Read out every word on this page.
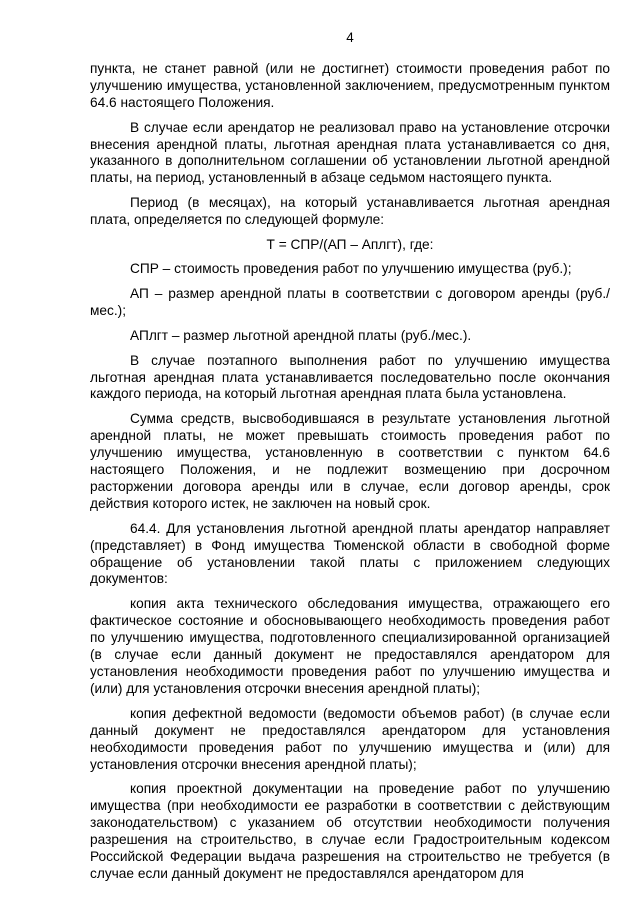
4

пункта, не станет равной (или не достигнет) стоимости проведения работ по улучшению имущества, установленной заключением, предусмотренным пунктом 64.6 настоящего Положения.

В случае если арендатор не реализовал право на установление отсрочки внесения арендной платы, льготная арендная плата устанавливается со дня, указанного в дополнительном соглашении об установлении льготной арендной платы, на период, установленный в абзаце седьмом настоящего пункта.

Период (в месяцах), на который устанавливается льготная арендная плата, определяется по следующей формуле:

Т = СПР/(АП – Аплгт), где:

СПР – стоимость проведения работ по улучшению имущества (руб.);

АП – размер арендной платы в соответствии с договором аренды (руб./мес.);

АПлгт – размер льготной арендной платы (руб./мес.).

В случае поэтапного выполнения работ по улучшению имущества льготная арендная плата устанавливается последовательно после окончания каждого периода, на который льготная арендная плата была установлена.

Сумма средств, высвободившаяся в результате установления льготной арендной платы, не может превышать стоимость проведения работ по улучшению имущества, установленную в соответствии с пунктом 64.6 настоящего Положения, и не подлежит возмещению при досрочном расторжении договора аренды или в случае, если договор аренды, срок действия которого истек, не заключен на новый срок.

64.4. Для установления льготной арендной платы арендатор направляет (представляет) в Фонд имущества Тюменской области в свободной форме обращение об установлении такой платы с приложением следующих документов:

копия акта технического обследования имущества, отражающего его фактическое состояние и обосновывающего необходимость проведения работ по улучшению имущества, подготовленного специализированной организацией (в случае если данный документ не предоставлялся арендатором для установления необходимости проведения работ по улучшению имущества и (или) для установления отсрочки внесения арендной платы);

копия дефектной ведомости (ведомости объемов работ) (в случае если данный документ не предоставлялся арендатором для установления необходимости проведения работ по улучшению имущества и (или) для установления отсрочки внесения арендной платы);

копия проектной документации на проведение работ по улучшению имущества (при необходимости ее разработки в соответствии с действующим законодательством) с указанием об отсутствии необходимости получения разрешения на строительство, в случае если Градостроительным кодексом Российской Федерации выдача разрешения на строительство не требуется (в случае если данный документ не предоставлялся арендатором для
